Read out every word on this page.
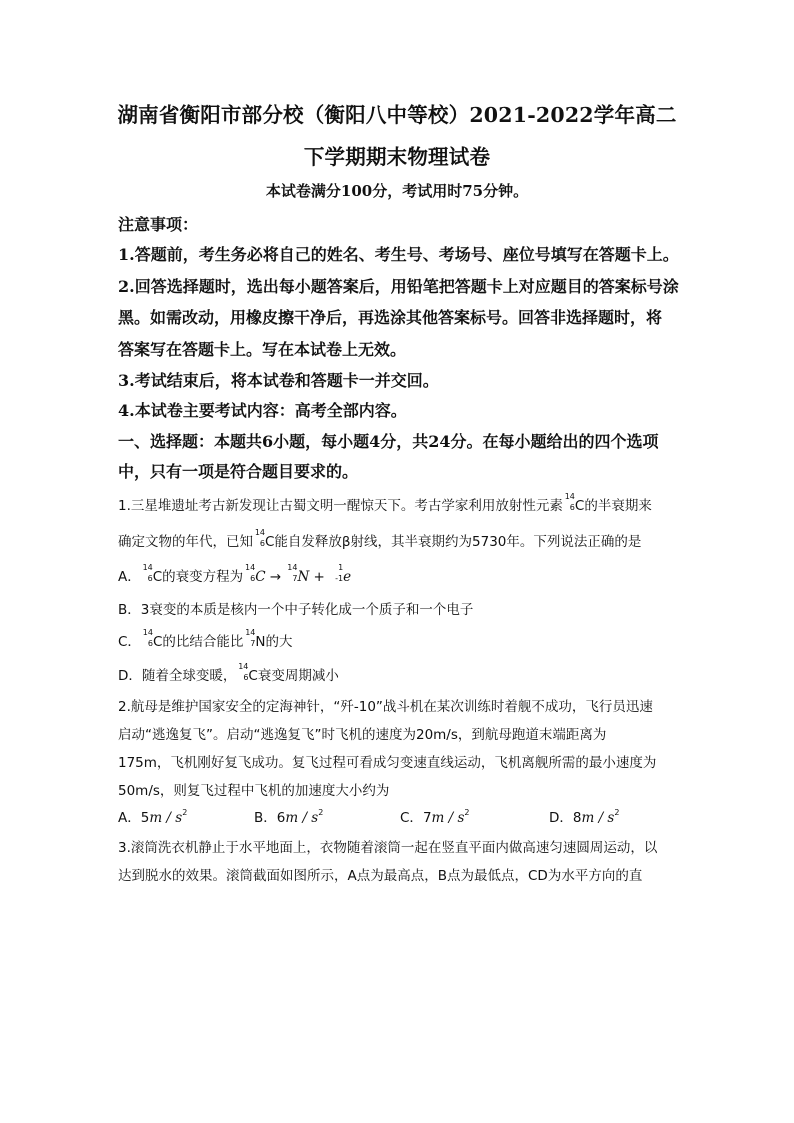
湖南省衡阳市部分校（衡阳八中等校）2021-2022学年高二
下学期期末物理试卷
本试卷满分100分，考试用时75分钟。
注意事项：
1.答题前，考生务必将自己的姓名、考生号、考场号、座位号填写在答题卡上。
2.回答选择题时，选出每小题答案后，用铅笔把答题卡上对应题目的答案标号涂
黑。如需改动，用橡皮擦干净后，再选涂其他答案标号。回答非选择题时，将
答案写在答题卡上。写在本试卷上无效。
3.考试结束后，将本试卷和答题卡一并交回。
4.本试卷主要考试内容：高考全部内容。
一、选择题：本题共6小题，每小题4分，共24分。在每小题给出的四个选项
中，只有一项是符合题目要求的。
1.三星堆遗址考古新发现让古蜀文明一醒惊天下。考古学家利用放射性元素
14
6 C的半衰期来
确定文物的年代，已知
14
6 C能自发释放β射线，其半衰期约为5730年。下列说法正确的是
A．
14
6 C的衰变方程为
14
6 C →
14
7 N +
1
-1 e
B．3衰变的本质是核内一个中子转化成一个质子和一个电子
C．
14
6 C的比结合能比
14
7 N的大
D．随着全球变暖，
14
6 C衰变周期减小
2.航母是维护国家安全的定海神针，“歼-10”战斗机在某次训练时着舰不成功，飞行员迅速
启动“逃逸复飞”。启动“逃逸复飞”时飞机的速度为20m/s，到航母跑道末端距离为
175m，飞机刚好复飞成功。复飞过程可看成匀变速直线运动，飞机离舰所需的最小速度为
50m/s，则复飞过程中飞机的加速度大小约为
A．$5m / s^2$	B．$6m / s^2$	C．$7m / s^2$	D．$8m / s^2$
3.滚筒洗衣机静止于水平地面上，衣物随着滚筒一起在竖直平面内做高速匀速圆周运动，以
达到脱水的效果。滚筒截面如图所示，A点为最高点，B点为最低点，CD为水平方向的直
